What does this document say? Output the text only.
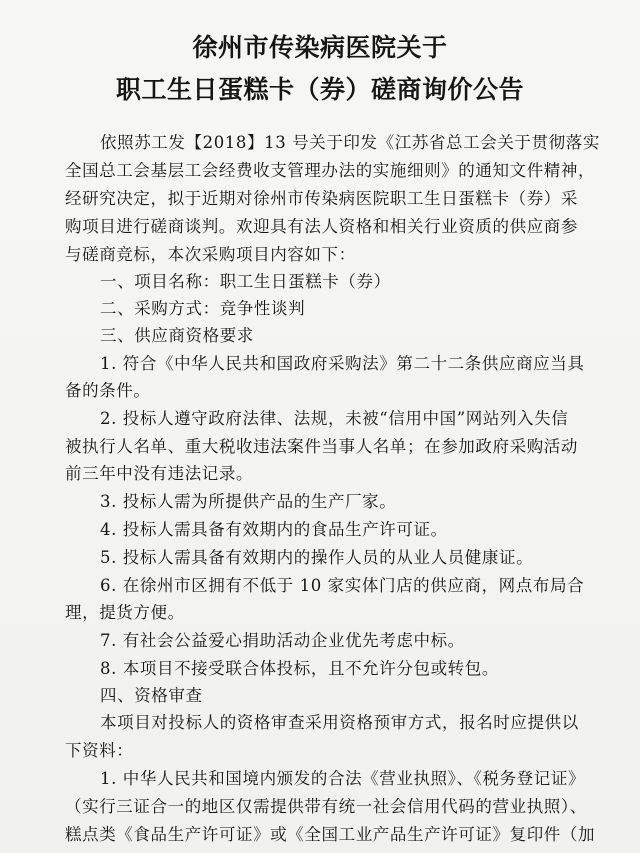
徐州市传染病医院关于
职工生日蛋糕卡（券）磋商询价公告
依照苏工发【2018】13 号关于印发《江苏省总工会关于贯彻落实
全国总工会基层工会经费收支管理办法的实施细则》的通知文件精神，
经研究决定，拟于近期对徐州市传染病医院职工生日蛋糕卡（券）采
购项目进行磋商谈判。欢迎具有法人资格和相关行业资质的供应商参
与磋商竞标，本次采购项目内容如下：
一、项目名称：职工生日蛋糕卡（券）
二、采购方式：竞争性谈判
三、供应商资格要求
1. 符合《中华人民共和国政府采购法》第二十二条供应商应当具
备的条件。
2. 投标人遵守政府法律、法规，未被“信用中国”网站列入失信
被执行人名单、重大税收违法案件当事人名单；在参加政府采购活动
前三年中没有违法记录。
3. 投标人需为所提供产品的生产厂家。
4. 投标人需具备有效期内的食品生产许可证。
5. 投标人需具备有效期内的操作人员的从业人员健康证。
6. 在徐州市区拥有不低于 10 家实体门店的供应商，网点布局合
理，提货方便。
7. 有社会公益爱心捐助活动企业优先考虑中标。
8. 本项目不接受联合体投标，且不允许分包或转包。
四、资格审查
本项目对投标人的资格审查采用资格预审方式，报名时应提供以
下资料：
1. 中华人民共和国境内颁发的合法《营业执照》、《税务登记证》
（实行三证合一的地区仅需提供带有统一社会信用代码的营业执照）、
糕点类《食品生产许可证》或《全国工业产品生产许可证》复印件（加
